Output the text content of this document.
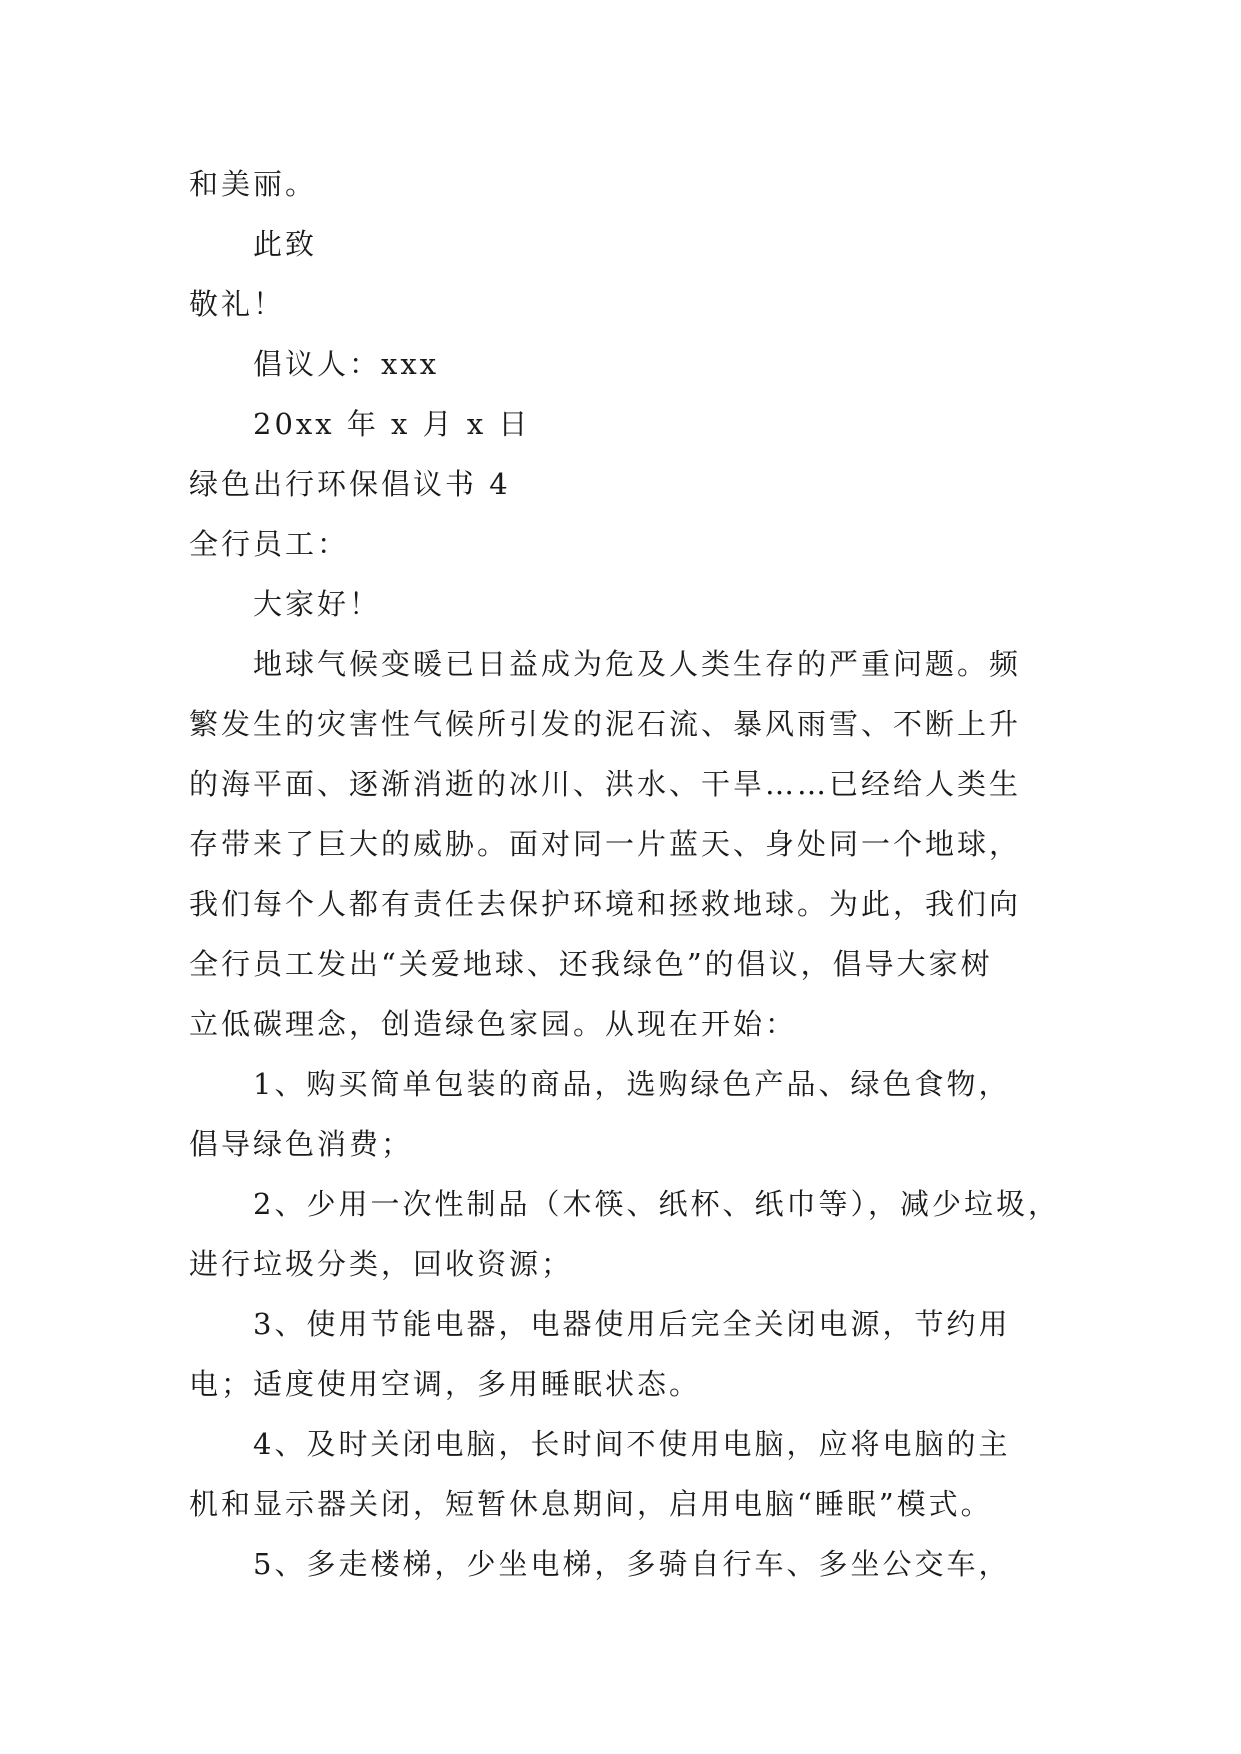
和美丽。
此致
敬礼！
倡议人：xxx
20xx 年 x 月 x 日
绿色出行环保倡议书 4
全行员工：
大家好！
地球气候变暖已日益成为危及人类生存的严重问题。频
繁发生的灾害性气候所引发的泥石流、暴风雨雪、不断上升
的海平面、逐渐消逝的冰川、洪水、干旱……已经给人类生
存带来了巨大的威胁。面对同一片蓝天、身处同一个地球，
我们每个人都有责任去保护环境和拯救地球。为此，我们向
全行员工发出“关爱地球、还我绿色”的倡议，倡导大家树
立低碳理念，创造绿色家园。从现在开始：
1、购买简单包装的商品，选购绿色产品、绿色食物，
倡导绿色消费；
2、少用一次性制品（木筷、纸杯、纸巾等），减少垃圾，
进行垃圾分类，回收资源；
3、使用节能电器，电器使用后完全关闭电源，节约用
电；适度使用空调，多用睡眠状态。
4、及时关闭电脑，长时间不使用电脑，应将电脑的主
机和显示器关闭，短暂休息期间，启用电脑“睡眠”模式。
5、多走楼梯，少坐电梯，多骑自行车、多坐公交车，
